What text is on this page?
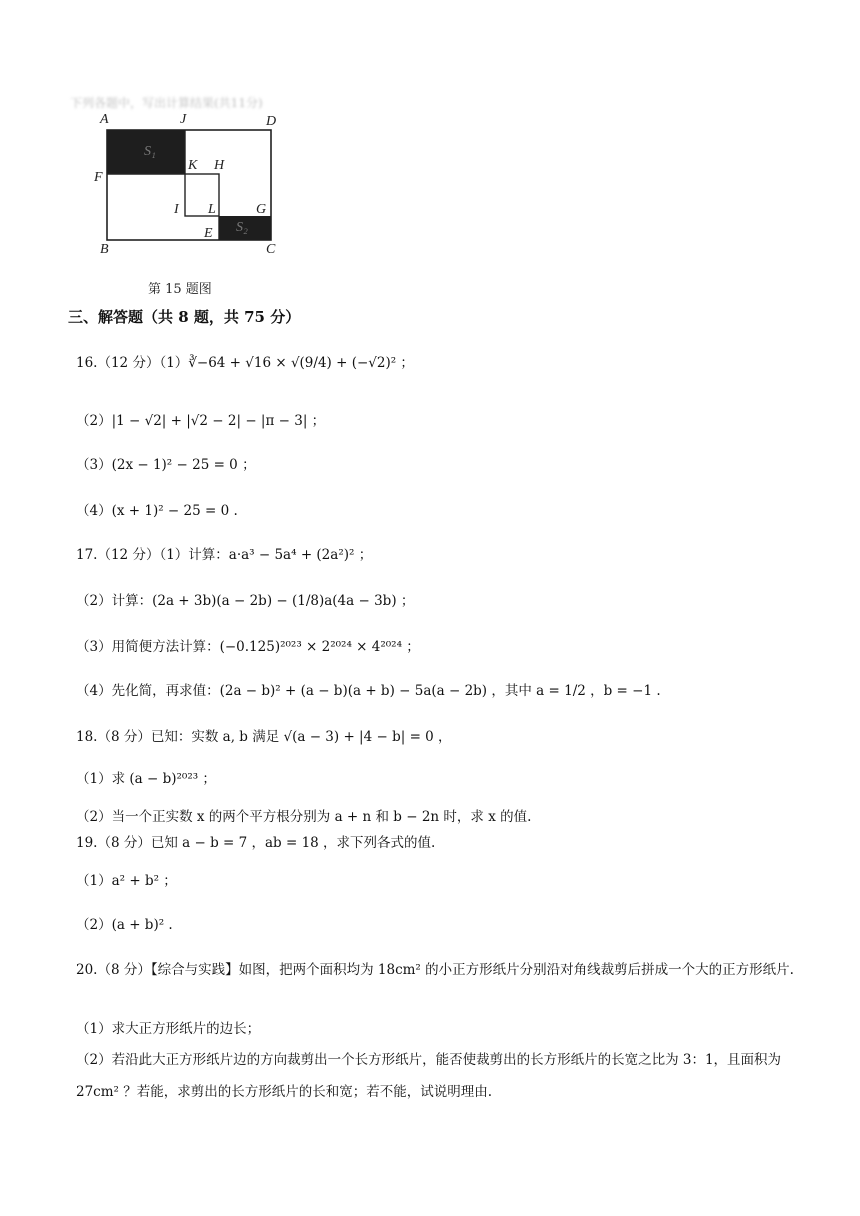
下列各题中，写出计算结果(共11分)
A	J	D
S₁
F
K H
I L	G
S₂
B
E
C
第 15 题图
三、解答题（共 8 题，共 75 分）
16.（12 分）（1）∛−64 + √16 × √(9/4) + (−√2)² ；
（2）|1 − √2| + |√2 − 2| − |π − 3| ；
（3）(2x − 1)² − 25 = 0 ；
（4）(x + 1)² − 25 = 0 .
17.（12 分）（1）计算：a·a³ − 5a⁴ + (2a²)² ；
（2）计算：(2a + 3b)(a − 2b) − (1/8)a(4a − 3b) ；
（3）用简便方法计算：(−0.125)²⁰²³ × 2²⁰²⁴ × 4²⁰²⁴ ；
（4）先化简，再求值：(2a − b)² + (a − b)(a + b) − 5a(a − 2b) ，其中 a = 1/2 ，b = −1 .
18.（8 分）已知：实数 a, b 满足 √(a − 3) + |4 − b| = 0 ，
（1）求 (a − b)²⁰²³ ；
（2）当一个正实数 x 的两个平方根分别为 a + n 和 b − 2n 时，求 x 的值.
19.（8 分）已知 a − b = 7 ，ab = 18 ，求下列各式的值.
（1）a² + b² ；
（2）(a + b)² .
20.（8 分）【综合与实践】如图，把两个面积均为 18cm² 的小正方形纸片分别沿对角线裁剪后拼成一个大的正方形纸片.
（1）求大正方形纸片的边长；
（2）若沿此大正方形纸片边的方向裁剪出一个长方形纸片，能否使裁剪出的长方形纸片的长宽之比为 3：1，且面积为 27cm² ？若能，求剪出的长方形纸片的长和宽；若不能，试说明理由.
